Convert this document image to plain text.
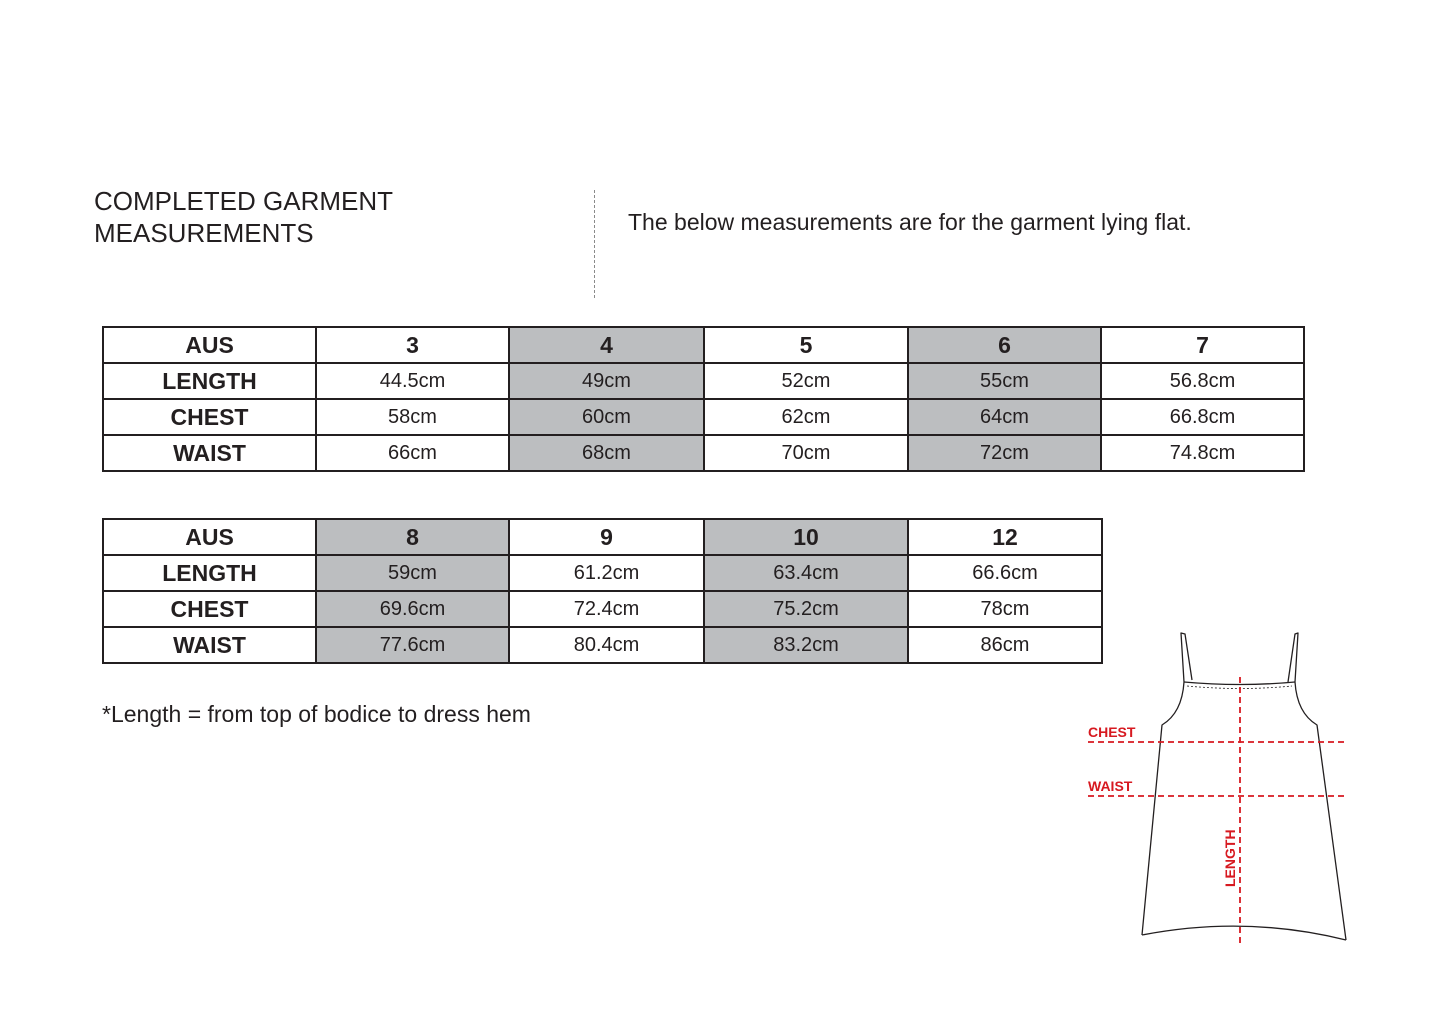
COMPLETED GARMENT
MEASUREMENTS	The below measurements are for the garment lying flat.

AUS	3	4	5	6	7
LENGTH	44.5cm	49cm	52cm	55cm	56.8cm
CHEST	58cm	60cm	62cm	64cm	66.8cm
WAIST	66cm	68cm	70cm	72cm	74.8cm
AUS	8	9	10	12
LENGTH	59cm	61.2cm	63.4cm	66.6cm
CHEST	69.6cm	72.4cm	75.2cm	78cm
WAIST	77.6cm	80.4cm	83.2cm	86cm

*Length = from top of bodice to dress hem

CHEST
WAIST
LENGTH
